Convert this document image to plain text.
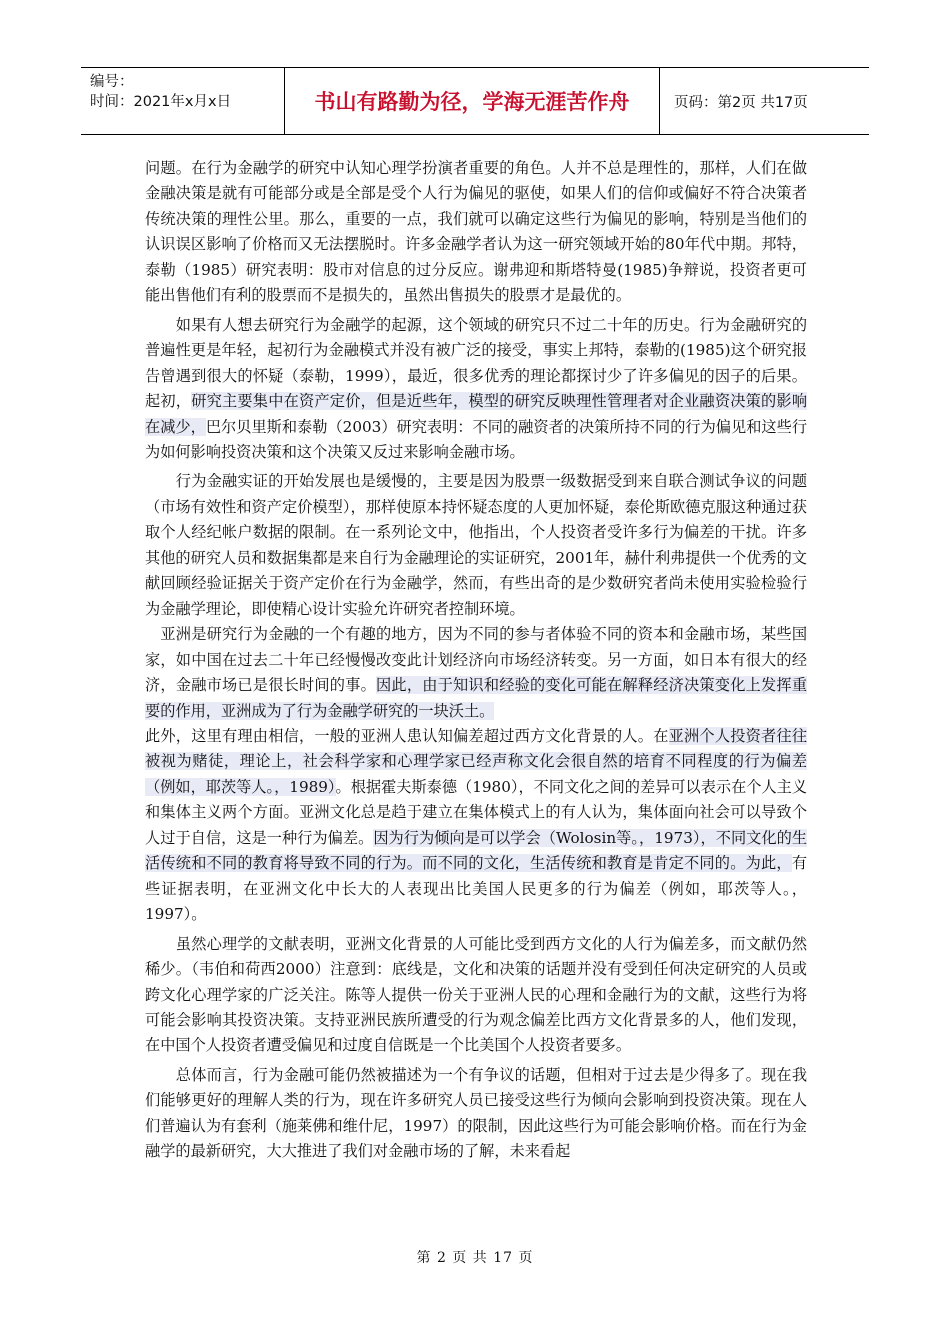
编号：
时间：2021年x月x日	书山有路勤为径，学海无涯苦作舟	页码：第2页 共17页

问题。在行为金融学的研究中认知心理学扮演者重要的角色。人并不总是理性的，那样，人们在做金融决策是就有可能部分或是全部是受个人行为偏见的驱使，如果人们的信仰或偏好不符合决策者传统决策的理性公里。那么，重要的一点，我们就可以确定这些行为偏见的影响，特别是当他们的认识误区影响了价格而又无法摆脱时。许多金融学者认为这一研究领域开始的80年代中期。邦特，泰勒（1985）研究表明：股市对信息的过分反应。谢弗迎和斯塔特曼(1985)争辩说，投资者更可能出售他们有利的股票而不是损失的，虽然出售损失的股票才是最优的。

　　如果有人想去研究行为金融学的起源，这个领域的研究只不过二十年的历史。行为金融研究的普遍性更是年轻，起初行为金融模式并没有被广泛的接受，事实上邦特，泰勒的(1985)这个研究报告曾遇到很大的怀疑（泰勒，1999），最近，很多优秀的理论都探讨少了许多偏见的因子的后果。起初，研究主要集中在资产定价，但是近些年，模型的研究反映理性管理者对企业融资决策的影响在减少，巴尔贝里斯和泰勒（2003）研究表明：不同的融资者的决策所持不同的行为偏见和这些行为如何影响投资决策和这个决策又反过来影响金融市场。

　　行为金融实证的开始发展也是缓慢的，主要是因为股票一级数据受到来自联合测试争议的问题（市场有效性和资产定价模型），那样使原本持怀疑态度的人更加怀疑，泰伦斯欧德克服这种通过获取个人经纪帐户数据的限制。在一系列论文中，他指出，个人投资者受许多行为偏差的干扰。许多其他的研究人员和数据集都是来自行为金融理论的实证研究，2001年，赫什利弗提供一个优秀的文献回顾经验证据关于资产定价在行为金融学，然而，有些出奇的是少数研究者尚未使用实验检验行为金融学理论，即使精心设计实验允许研究者控制环境。

　亚洲是研究行为金融的一个有趣的地方，因为不同的参与者体验不同的资本和金融市场，某些国家，如中国在过去二十年已经慢慢改变此计划经济向市场经济转变。另一方面，如日本有很大的经济，金融市场已是很长时间的事。因此，由于知识和经验的变化可能在解释经济决策变化上发挥重要的作用，亚洲成为了行为金融学研究的一块沃土。

此外，这里有理由相信，一般的亚洲人患认知偏差超过西方文化背景的人。在亚洲个人投资者往往被视为赌徒，理论上，社会科学家和心理学家已经声称文化会很自然的培育不同程度的行为偏差（例如，耶茨等人。，1989）。根据霍夫斯泰德（1980），不同文化之间的差异可以表示在个人主义和集体主义两个方面。亚洲文化总是趋于建立在集体模式上的有人认为，集体面向社会可以导致个人过于自信，这是一种行为偏差。因为行为倾向是可以学会（Wolosin等。，1973），不同文化的生活传统和不同的教育将导致不同的行为。而不同的文化，生活传统和教育是肯定不同的。为此，有些证据表明，在亚洲文化中长大的人表现出比美国人民更多的行为偏差（例如，耶茨等人。，1997）。

　　虽然心理学的文献表明，亚洲文化背景的人可能比受到西方文化的人行为偏差多，而文献仍然稀少。（韦伯和荷西2000）注意到：底线是，文化和决策的话题并没有受到任何决定研究的人员或跨文化心理学家的广泛关注。陈等人提供一份关于亚洲人民的心理和金融行为的文献，这些行为将可能会影响其投资决策。支持亚洲民族所遭受的行为观念偏差比西方文化背景多的人，他们发现，在中国个人投资者遭受偏见和过度自信既是一个比美国个人投资者要多。

　　总体而言，行为金融可能仍然被描述为一个有争议的话题，但相对于过去是少得多了。现在我们能够更好的理解人类的行为，现在许多研究人员已接受这些行为倾向会影响到投资决策。现在人们普遍认为有套利（施莱佛和维什尼，1997）的限制，因此这些行为可能会影响价格。而在行为金融学的最新研究，大大推进了我们对金融市场的了解，未来看起

第 2 页 共 17 页
